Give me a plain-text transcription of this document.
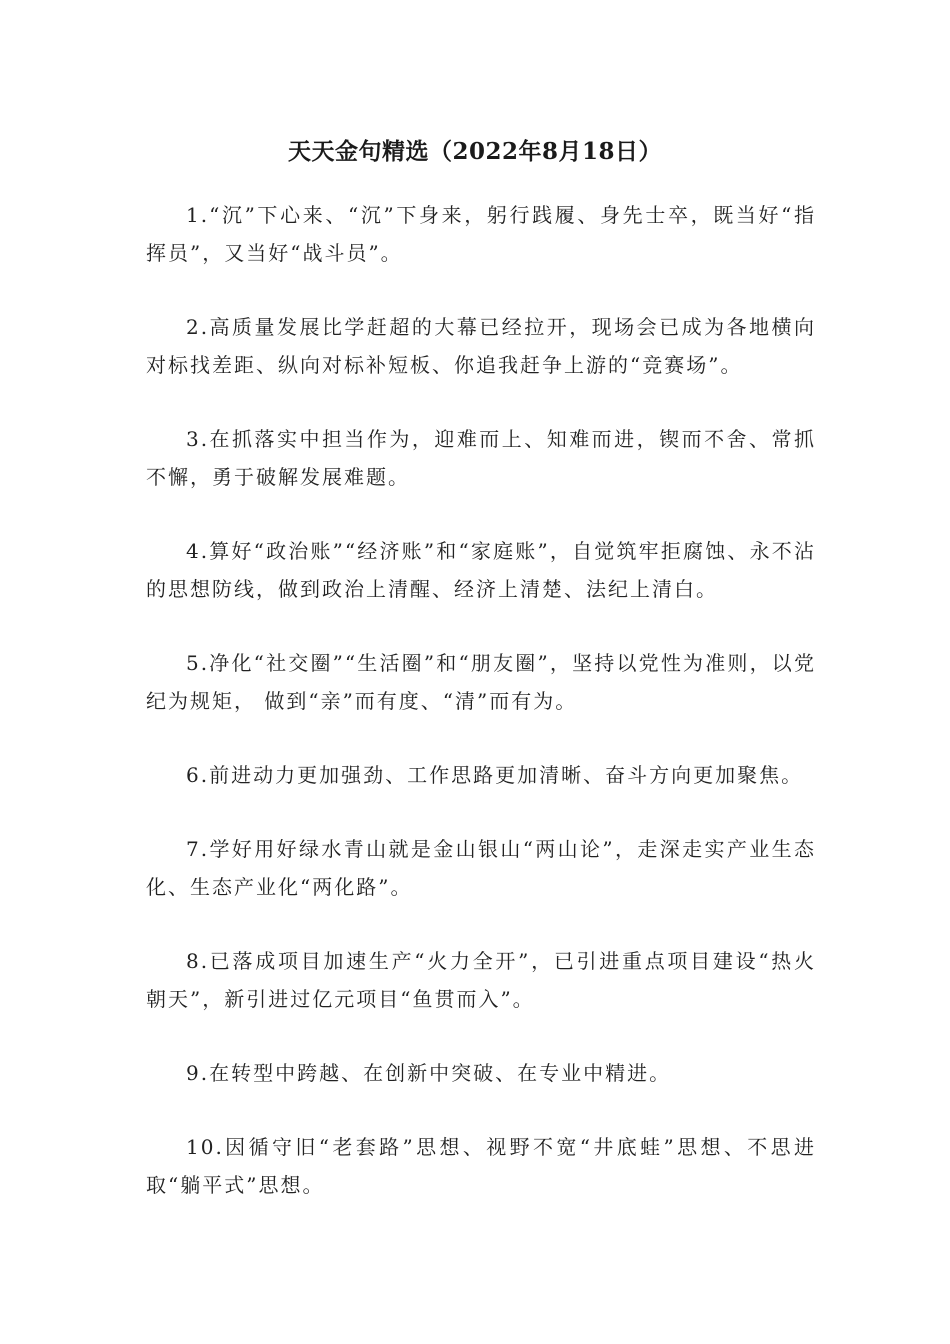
天天金句精选（2022年8月18日）

1.“沉”下心来、“沉”下身来，躬行践履、身先士卒，既当好“指挥员”，又当好“战斗员”。

2.高质量发展比学赶超的大幕已经拉开，现场会已成为各地横向对标找差距、纵向对标补短板、你追我赶争上游的“竞赛场”。

3.在抓落实中担当作为，迎难而上、知难而进，锲而不舍、常抓不懈，勇于破解发展难题。

4.算好“政治账”“经济账”和“家庭账”，自觉筑牢拒腐蚀、永不沾的思想防线，做到政治上清醒、经济上清楚、法纪上清白。

5.净化“社交圈”“生活圈”和“朋友圈”，坚持以党性为准则，以党纪为规矩， 做到“亲”而有度、“清”而有为。

6.前进动力更加强劲、工作思路更加清晰、奋斗方向更加聚焦。

7.学好用好绿水青山就是金山银山“两山论”，走深走实产业生态化、生态产业化“两化路”。

8.已落成项目加速生产“火力全开”，已引进重点项目建设“热火朝天”，新引进过亿元项目“鱼贯而入”。

9.在转型中跨越、在创新中突破、在专业中精进。

10.因循守旧“老套路”思想、视野不宽“井底蛙”思想、不思进取“躺平式”思想。
